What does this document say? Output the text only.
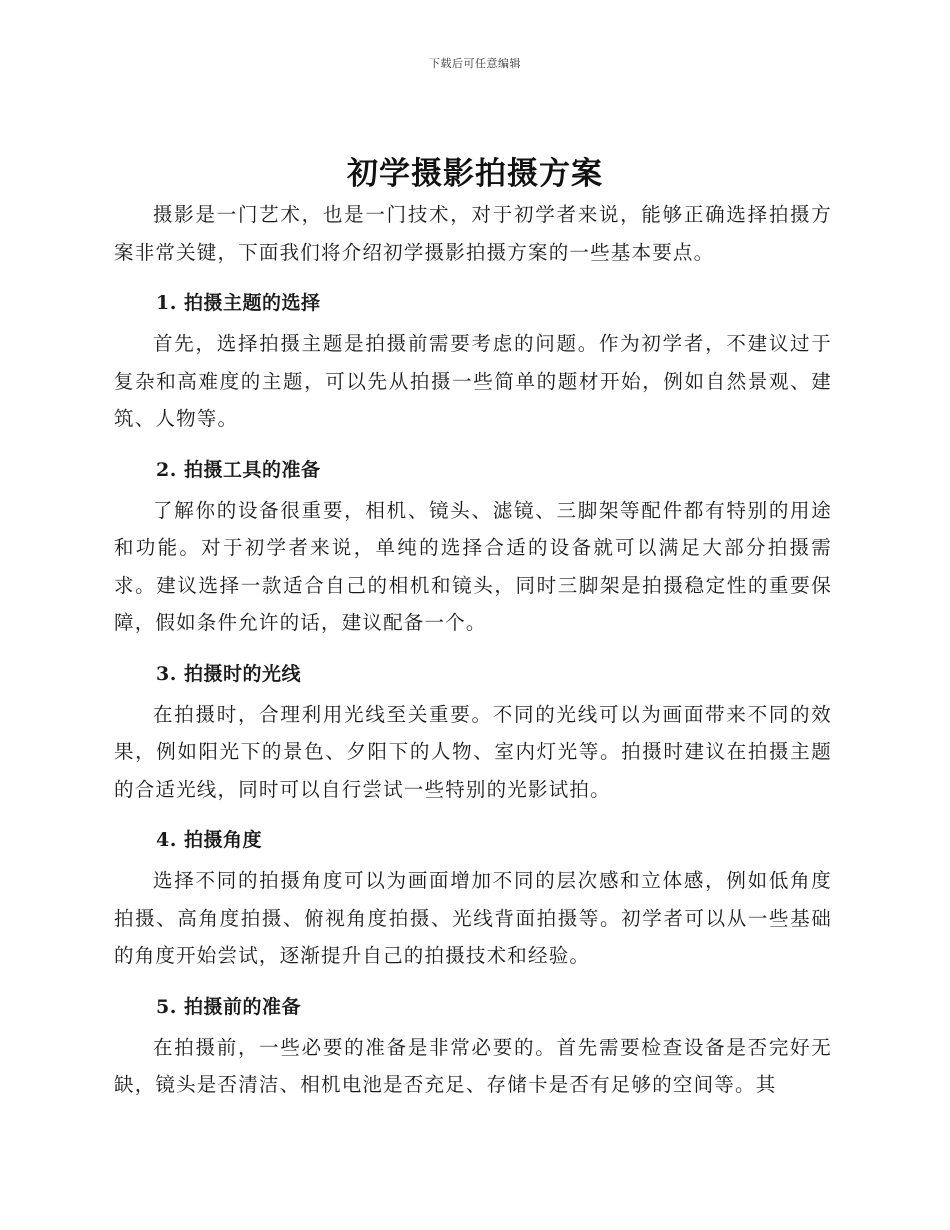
下载后可任意编辑
初学摄影拍摄方案

摄影是一门艺术，也是一门技术，对于初学者来说，能够正确选择拍摄方案非常关键，下面我们将介绍初学摄影拍摄方案的一些基本要点。

1. 拍摄主题的选择

首先，选择拍摄主题是拍摄前需要考虑的问题。作为初学者，不建议过于复杂和高难度的主题，可以先从拍摄一些简单的题材开始，例如自然景观、建筑、人物等。

2. 拍摄工具的准备

了解你的设备很重要，相机、镜头、滤镜、三脚架等配件都有特别的用途和功能。对于初学者来说，单纯的选择合适的设备就可以满足大部分拍摄需求。建议选择一款适合自己的相机和镜头，同时三脚架是拍摄稳定性的重要保障，假如条件允许的话，建议配备一个。

3. 拍摄时的光线

在拍摄时，合理利用光线至关重要。不同的光线可以为画面带来不同的效果，例如阳光下的景色、夕阳下的人物、室内灯光等。拍摄时建议在拍摄主题的合适光线，同时可以自行尝试一些特别的光影试拍。

4. 拍摄角度

选择不同的拍摄角度可以为画面增加不同的层次感和立体感，例如低角度拍摄、高角度拍摄、俯视角度拍摄、光线背面拍摄等。初学者可以从一些基础的角度开始尝试，逐渐提升自己的拍摄技术和经验。

5. 拍摄前的准备

在拍摄前，一些必要的准备是非常必要的。首先需要检查设备是否完好无缺，镜头是否清洁、相机电池是否充足、存储卡是否有足够的空间等。其
